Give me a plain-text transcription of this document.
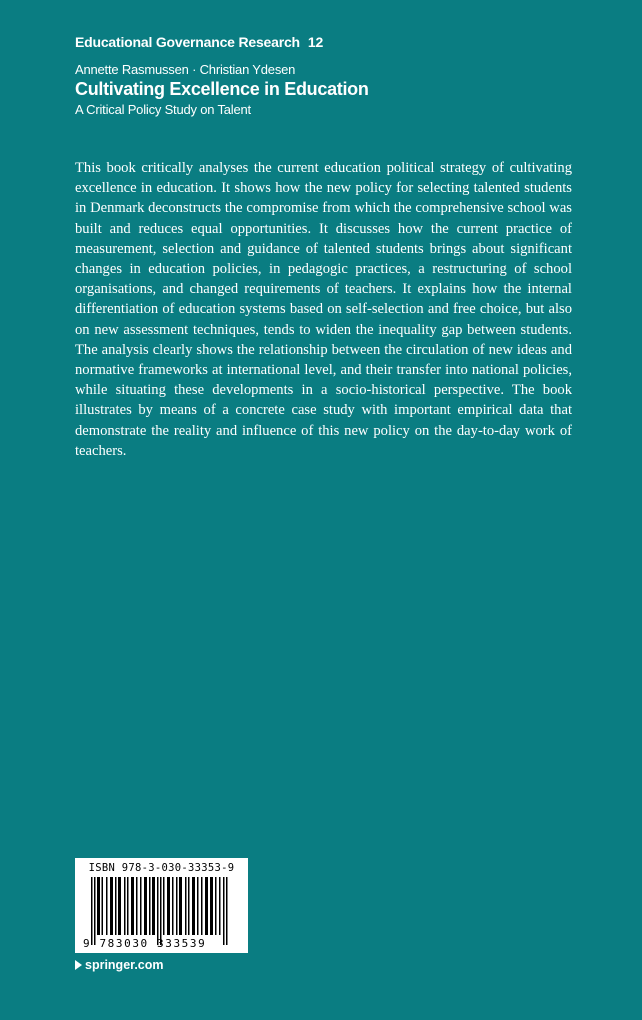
Educational Governance Research 12
Annette Rasmussen · Christian Ydesen
Cultivating Excellence in Education
A Critical Policy Study on Talent

This book critically analyses the current education political strategy of cultivating excellence in education. It shows how the new policy for selecting talented students in Denmark deconstructs the compromise from which the comprehensive school was built and reduces equal opportunities. It discusses how the current practice of measurement, selection and guidance of talented students brings about significant changes in education policies, in pedagogic practices, a restructuring of school organisations, and changed requirements of teachers. It explains how the internal differentiation of education systems based on self-selection and free choice, but also on new assessment techniques, tends to widen the inequality gap between students. The analysis clearly shows the relationship between the circulation of new ideas and normative frameworks at international level, and their transfer into national policies, while situating these developments in a socio-historical perspective. The book illustrates by means of a concrete case study with important empirical data that demonstrate the reality and influence of this new policy on the day-to-day work of teachers.

ISBN 978-3-030-33353-9
9 783030 333539
springer.com
